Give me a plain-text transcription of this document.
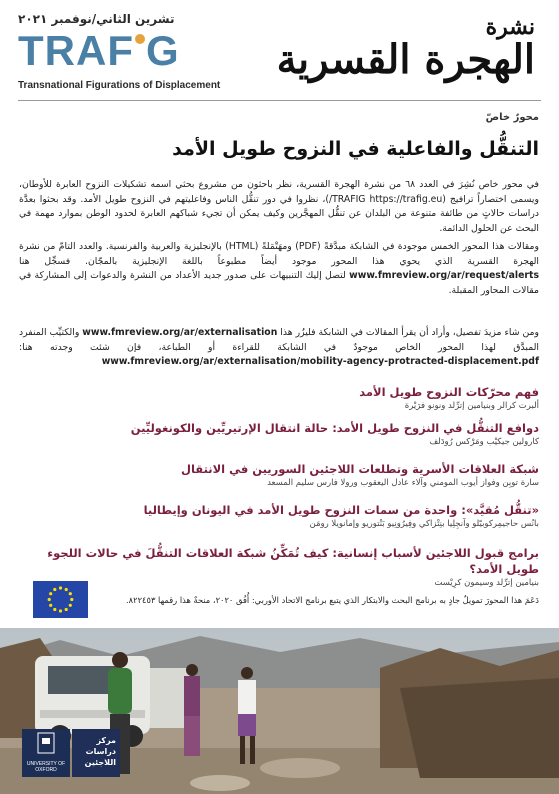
تشرين الثاني/نوفمبر ٢٠٢١
TRAF G
Transnational Figurations of Displacement
نشرة
الهجرة القسرية
محورٌ خاصّ
التنقُّل والفاعلية في النزوح طويل الأمد
في محور خاص نُشِرَ في العدد ٦٨ من نشرة الهجرة القسرية، نظر باحثون من مشروع بحثي اسمه تشكيلات النزوح العابرة للأوطان، ويسمى اختصاراً ترافيج (TRAFIG https://trafig.eu/)، نظروا في دور تنقُّل الناس وفاعليتهم في النزوح طويل الأمد. وقد بحثوا بعدَّة دراسات حالاتٍ من طائفة متنوعة من البلدان عن تنقُّل المهجَّرين وكيف يمكن أن تجيء شباكهم العابرة لحدود الوطن بموارد مهمة في البحث عن الحلول الدائمة.
ومقالات هذا المحور الخمس موجودة في الشابكة مبدَّقةً (PDF) ومهَتْمَلةً (HTML) بالإنجليزية والعربية والفرنسية. والعدد التامّ من نشرة الهجرة القسرية الذي يحوي هذا المحور موجود أيضاً مطبوعاً باللغة الإنجليزية بالمجّان. فسجِّل هنا www.fmreview.org/ar/request/alerts لتصل إليك التنبيهات على صدور جديد الأعداد من النشرة والدعوات إلى المشاركة في مقالات المحاور المقبلة.
ومن شاء مزيدَ تفصيل، وأراد أن يقرأ المقالات في الشابكة فليزُر هذا www.fmreview.org/ar/externalisation والكتيِّب المنفرد المبدَّق لهذا المحور الخاص موجودٌ في الشابكة للقراءة أو الطباعة، فإن شئت وجدته هنا: www.fmreview.org/ar/externalisation/mobility-agency-protracted-displacement.pdf
فهم محرّكات النزوح طويل الأمد
ألبرت كرالر وبنيامين إترِّلد ونونو فرَيْرة
دوافع التنقُّل في النزوح طويل الأمد: حالة انتقال الإرتيريِّين والكونغوليِّين
كارولين جيكيْب ومَرْكس رُودَلف
شبكة العلاقات الأسرية وتطلعات اللاجئين السوريين في الانتقال
سارة توبِن وفواز أيوب المومني وآلاء عادل اليعقوب ورولا فارس سليم المسعد
«تنقُّل مُقيَّد»: واحدة من سمات النزوح طويل الأمد في اليونان وإيطاليا
بانُس حاجيمِركوبيّلو وآنجِلِيا بنِتْزاكي وفِيرُونِيو بَنْتوريو وإمانويلا رومَن
برامج قبول اللاجئين لأسباب إنسانية: كيف تُمَكِّنُ شبكة العلاقات التنقُّلَ في حالات اللجوء طويل الأمد؟
بنيامين إترِّلد وسيمون كرِيْست
دَعَمَ هذا المحورَ تمويلٌ جادٍ به برنامج البحث والابتكار الذي يتبع برنامج الاتحاد الأوربي: أُفُق ٢٠٢٠، منحةٌ هذا رقمها ٨٢٢٤٥٣.
UNIVERSITY OF OXFORD
مركز دراسات اللاجئين
